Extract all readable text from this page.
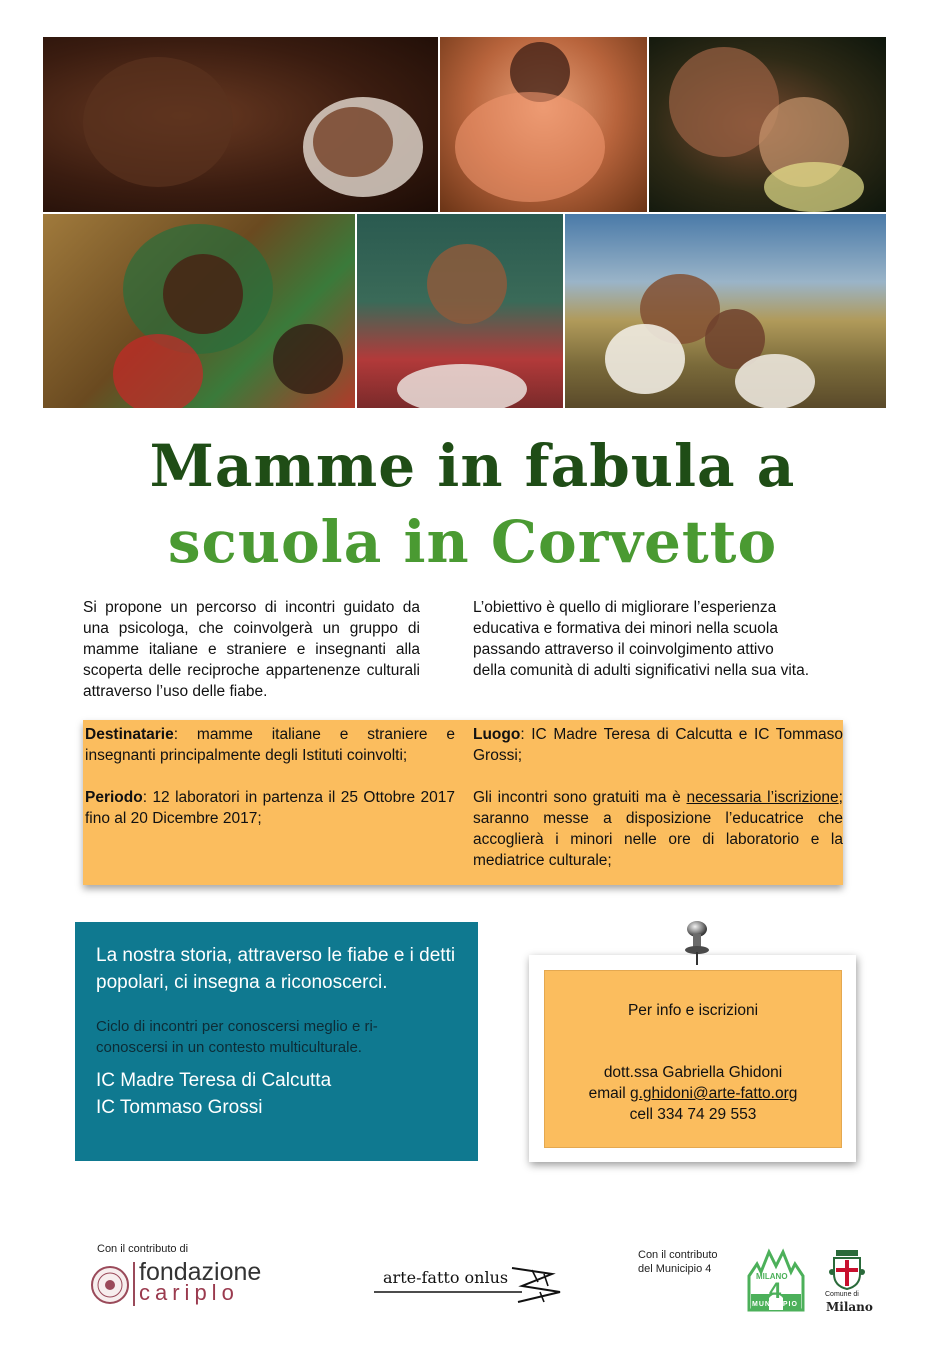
Mamme in fabula a
scuola in Corvetto

Si propone un percorso di incontri guidato da una psicologa, che coinvolgerà un gruppo di mamme italiane e straniere e insegnanti alla scoperta delle reciproche appartenenze culturali attraverso l’uso delle fiabe.

L’obiettivo è quello di migliorare l’esperienza educativa e formativa dei minori nella scuola passando attraverso il coinvolgimento attivo della comunità di adulti significativi nella sua vita.

Destinatarie: mamme italiane e straniere e insegnanti principalmente degli Istituti coinvolti;

Periodo: 12 laboratori in partenza il 25 Ottobre 2017 fino al 20 Dicembre 2017;

Luogo: IC Madre Teresa di Calcutta e IC Tommaso Grossi;

Gli incontri sono gratuiti ma è necessaria l’iscrizione; saranno messe a disposizione l’educatrice che accoglierà i minori nelle ore di laboratorio e la mediatrice culturale;

La nostra storia, attraverso le fiabe e i detti popolari, ci insegna a riconoscerci.
Ciclo di incontri per conoscersi meglio e ri-conoscersi in un contesto multiculturale.
IC Madre Teresa di Calcutta
IC Tommaso Grossi
Per info e iscrizioni
dott.ssa Gabriella Ghidoni
email g.ghidoni@arte-fatto.org
cell 334 74 29 553
Con il contributo di
fondazione
cariplo
arte-fatto onlus
Con il contributo
del Municipio 4
MILANO
4
MUNICIPIO
Comune di
Milano
